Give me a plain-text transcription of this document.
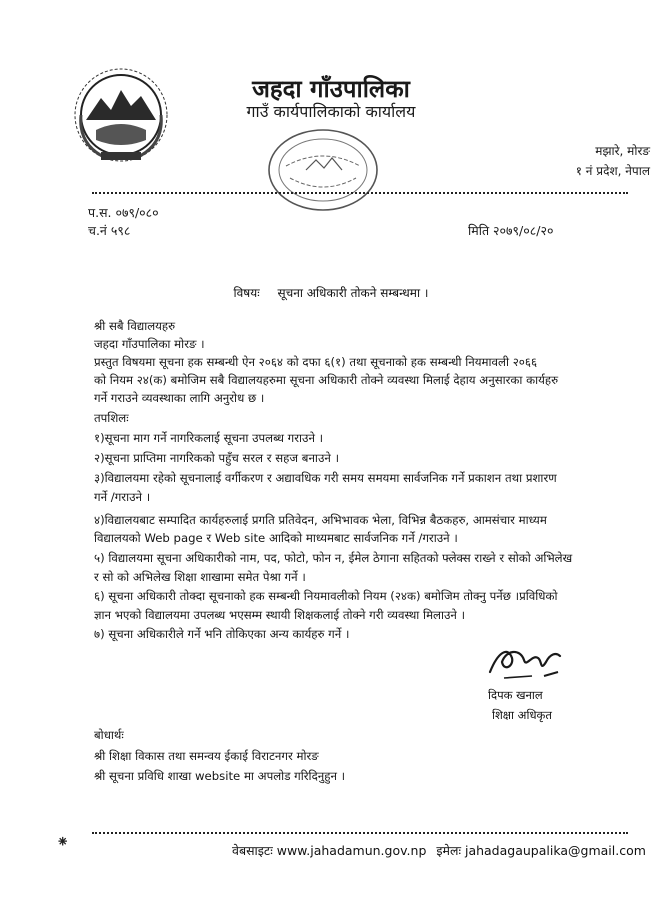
जहदा गाँउपालिका
गाउँ कार्यपालिकाको कार्यालय
मझारे, मोरङ
१ नं प्रदेश, नेपाल
प.स. ०७९/०८०
च.नं ५९८	मिति २०७९/०८/२०
विषयः सूचना अधिकारी तोकने सम्बन्धमा ।
श्री सबै विद्यालयहरु
जहदा गाँउपालिका मोरङ ।
प्रस्तुत विषयमा सूचना हक सम्बन्धी ऐन २०६४ को दफा ६(१) तथा सूचनाको हक सम्बन्धी नियमावली २०६६
को नियम २४(क) बमोजिम सबै विद्यालयहरुमा सूचना अधिकारी तोक्ने व्यवस्था मिलाई देहाय अनुसारका कार्यहरु
गर्ने गराउने व्यवस्थाका लागि अनुरोध छ ।
तपशिलः
१)सूचना माग गर्ने नागरिकलाई सूचना उपलब्ध गराउने ।
२)सूचना प्राप्तिमा नागरिकको पहुँच सरल र सहज बनाउने ।
३)विद्यालयमा रहेको सूचनालाई वर्गीकरण र अद्यावधिक गरी समय समयमा सार्वजनिक गर्ने प्रकाशन तथा प्रशारण
गर्ने /गराउने ।
४)विद्यालयबाट सम्पादित कार्यहरुलाई प्रगति प्रतिवेदन, अभिभावक भेला, विभिन्न बैठकहरु, आमसंचार माध्यम
विद्यालयको Web page र Web site आदिको माध्यमबाट सार्वजनिक गर्ने /गराउने ।
५) विद्यालयमा सूचना अधिकारीको नाम, पद, फोटो, फोन न, ईमेल ठेगाना सहितको फ्लेक्स राख्ने र सोको अभिलेख
र सो को अभिलेख शिक्षा शाखामा समेत पेश्रा गर्ने ।
६) सूचना अधिकारी तोक्दा सूचनाको हक सम्बन्धी नियमावलीको नियम (२४क) बमोजिम तोक्नु पर्नेछ ।प्रविधिको
ज्ञान भएको विद्यालयमा उपलब्ध भएसम्म स्थायी शिक्षकलाई तोक्ने गरी व्यवस्था मिलाउने ।
७) सूचना अधिकारीले गर्ने भनि तोकिएका अन्य कार्यहरु गर्ने ।
दिपक खनाल
शिक्षा अधिकृत
बोधार्थः
श्री शिक्षा विकास तथा समन्वय ईकाई विराटनगर मोरङ
श्री सूचना प्रविधि शाखा website मा अपलोड गरिदिनुहुन ।
⁕	वेबसाइटः www.jahadamun.gov.np इमेलः jahadagaupalika@gmail.com
